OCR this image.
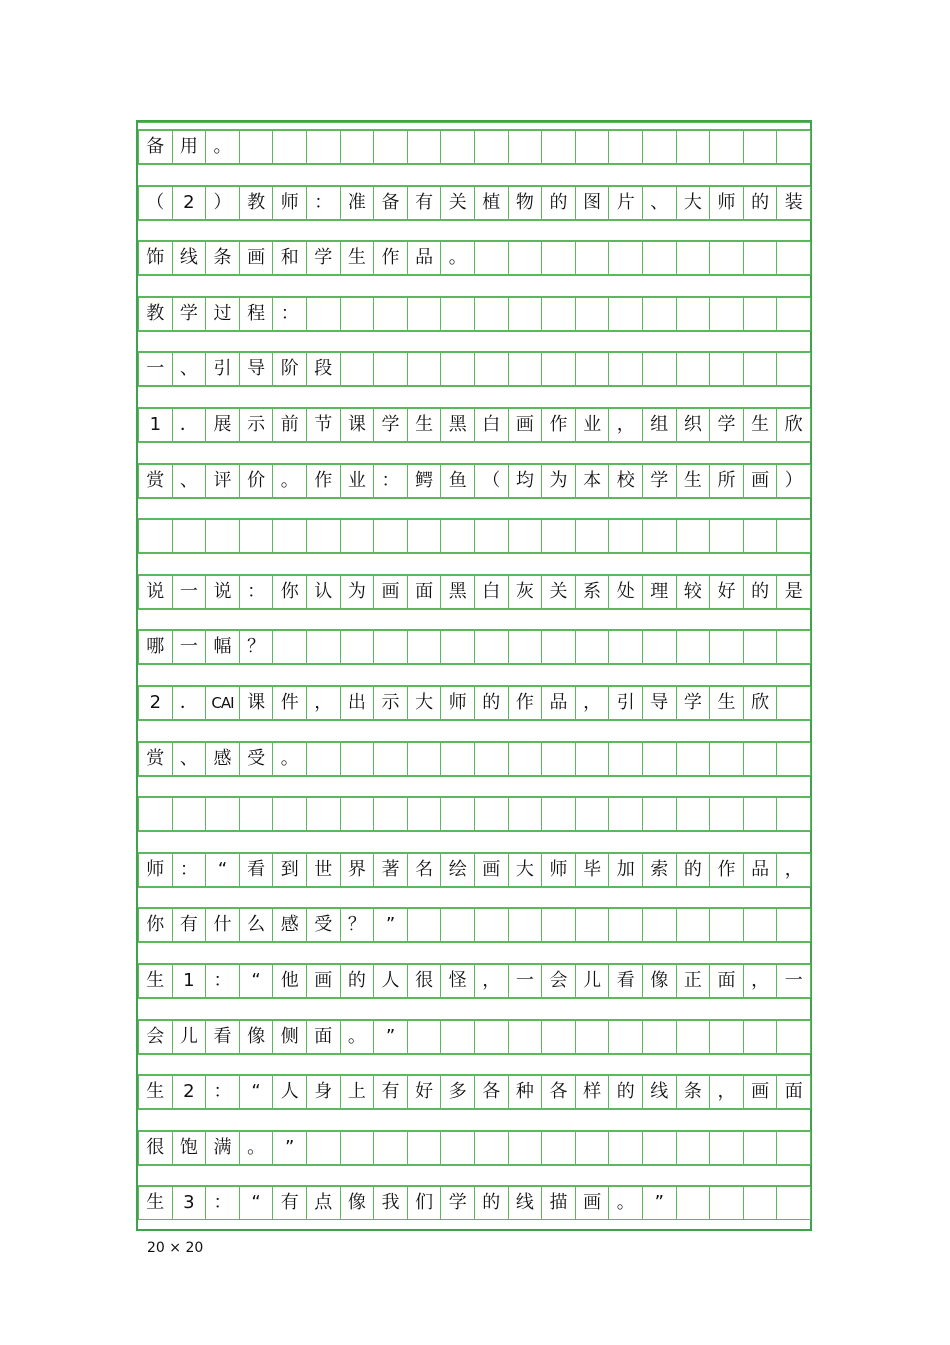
备 用 。
（	2	） 教 师 ： 准 备 有 关 植 物 的 图 片 、 大 师 的 装
饰 线 条 画 和 学 生 作 品 。
教 学 过 程 ：
一 、 引 导 阶 段
1	． 展 示 前 节 课 学 生 黑 白 画 作 业 ， 组 织 学 生 欣
赏 、 评 价 。 作 业 ： 鳄 鱼 （ 均 为 本 校 学 生 所 画 ）
说 一 说 ： 你 认 为 画 面 黑 白 灰 关 系 处 理 较 好 的 是
哪 一 幅 ？
2	． CAI 课 件 ， 出 示 大 师 的 作 品 ， 引 导 学 生 欣
赏 、 感 受 。
师 ：	“	看 到 世 界 著 名 绘 画 大 师 毕 加 索 的 作 品 ，
你 有 什 么 感 受 ？	”
生	1	：	“	他 画 的 人 很 怪 ， 一 会 儿 看 像 正 面 ， 一
会 儿 看 像 侧 面 。	”
生	2	：	“	人 身 上 有 好 多 各 种 各 样 的 线 条 ， 画 面
很 饱 满 。	”
生	3	：	“	有 点 像 我 们 学 的 线 描 画 。	”
20 × 20
